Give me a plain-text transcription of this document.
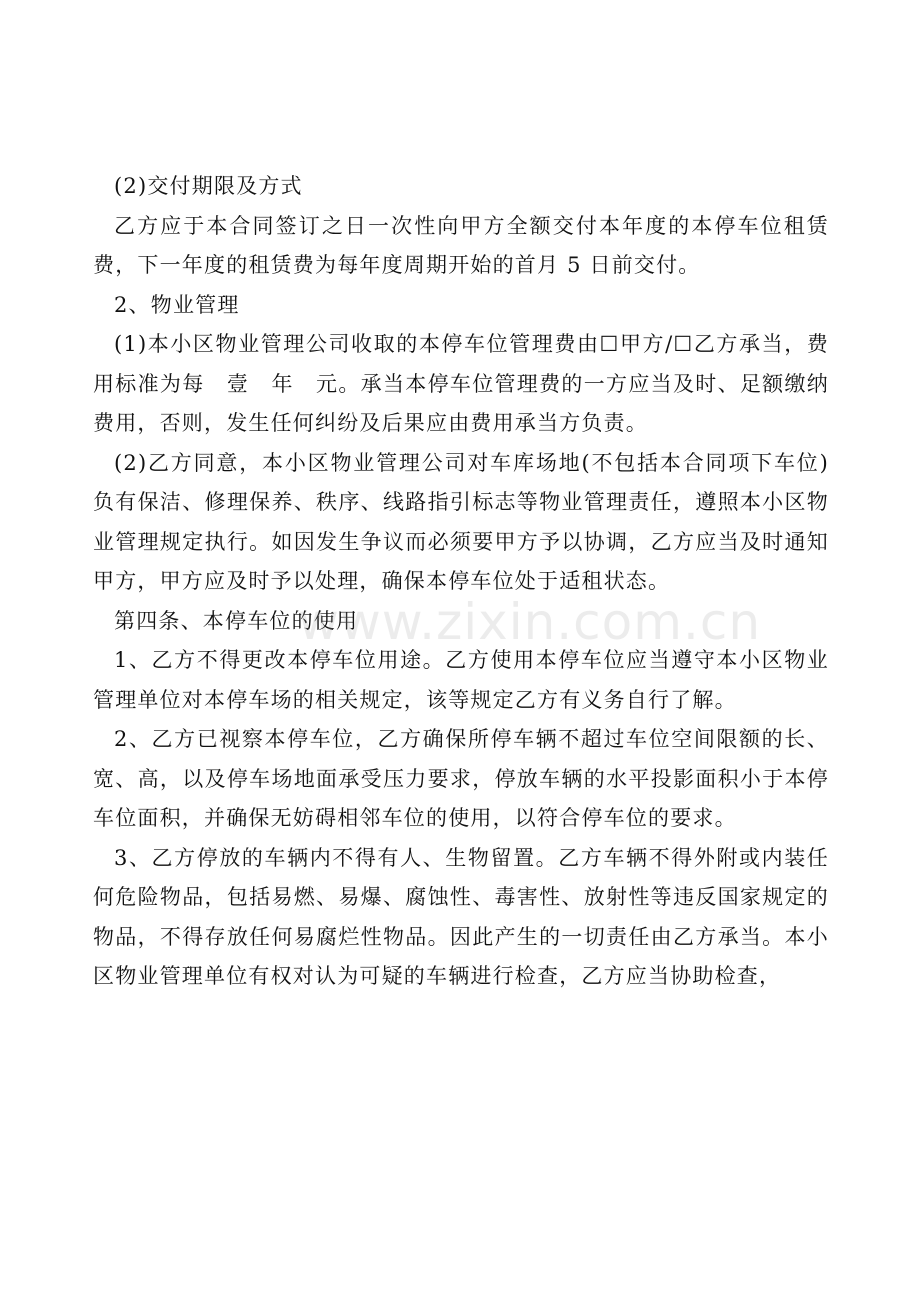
(2)交付期限及方式

乙方应于本合同签订之日一次性向甲方全额交付本年度的本停车位租赁费，下一年度的租赁费为每年度周期开始的首月 5 日前交付。

2、物业管理

(1)本小区物业管理公司收取的本停车位管理费由☐甲方/☐乙方承当，费用标准为每　壹　年　元。承当本停车位管理费的一方应当及时、足额缴纳费用，否则，发生任何纠纷及后果应由费用承当方负责。

(2)乙方同意，本小区物业管理公司对车库场地(不包括本合同项下车位)负有保洁、修理保养、秩序、线路指引标志等物业管理责任，遵照本小区物业管理规定执行。如因发生争议而必须要甲方予以协调，乙方应当及时通知甲方，甲方应及时予以处理，确保本停车位处于适租状态。

第四条、本停车位的使用

1、乙方不得更改本停车位用途。乙方使用本停车位应当遵守本小区物业管理单位对本停车场的相关规定，该等规定乙方有义务自行了解。

2、乙方已视察本停车位，乙方确保所停车辆不超过车位空间限额的长、宽、高，以及停车场地面承受压力要求，停放车辆的水平投影面积小于本停车位面积，并确保无妨碍相邻车位的使用，以符合停车位的要求。

3、乙方停放的车辆内不得有人、生物留置。乙方车辆不得外附或内装任何危险物品，包括易燃、易爆、腐蚀性、毒害性、放射性等违反国家规定的物品，不得存放任何易腐烂性物品。因此产生的一切责任由乙方承当。本小区物业管理单位有权对认为可疑的车辆进行检查，乙方应当协助检查，

www.zixin.com.cn
